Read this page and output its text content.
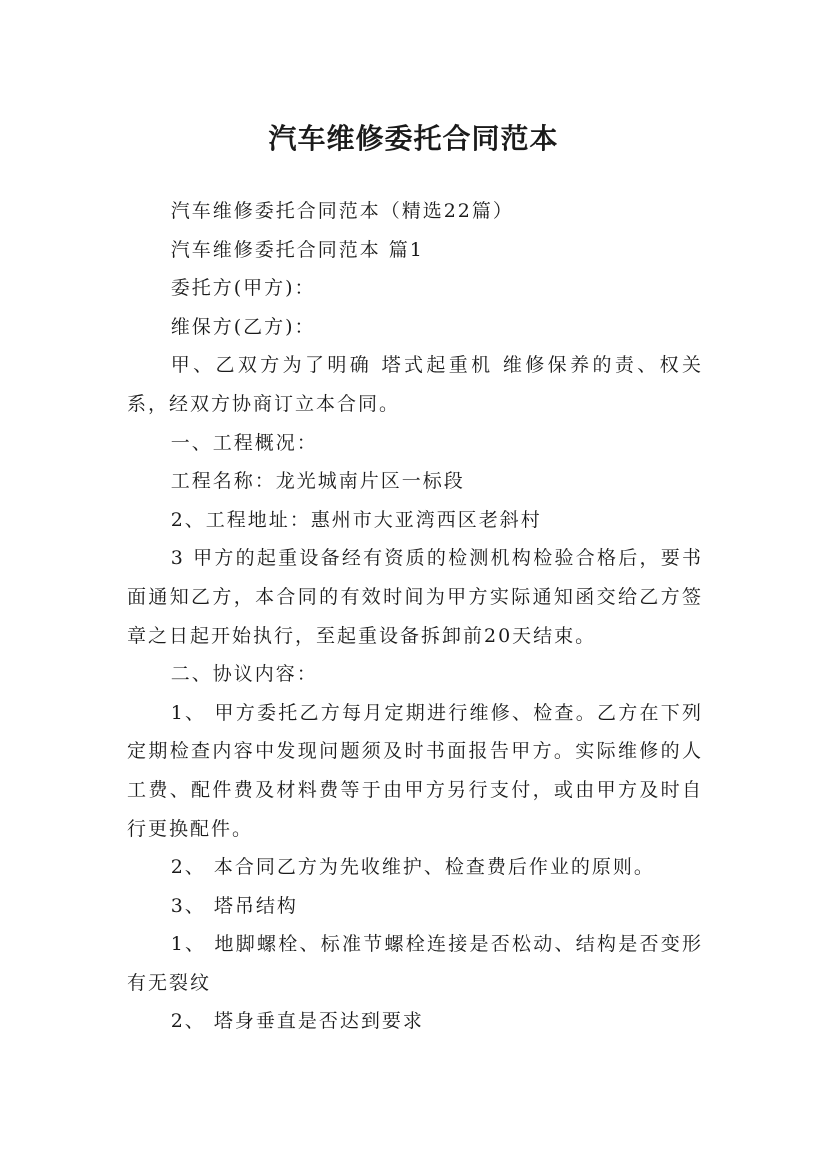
汽车维修委托合同范本

汽车维修委托合同范本（精选22篇）

汽车维修委托合同范本 篇1

委托方(甲方)：

维保方(乙方)：

甲、乙双方为了明确 塔式起重机 维修保养的责、权关系，经双方协商订立本合同。

一、工程概况：

工程名称：龙光城南片区一标段

2、工程地址：惠州市大亚湾西区老斜村

3 甲方的起重设备经有资质的检测机构检验合格后，要书面通知乙方，本合同的有效时间为甲方实际通知函交给乙方签章之日起开始执行，至起重设备拆卸前20天结束。

二、协议内容：

1、 甲方委托乙方每月定期进行维修、检查。乙方在下列定期检查内容中发现问题须及时书面报告甲方。实际维修的人工费、配件费及材料费等于由甲方另行支付，或由甲方及时自行更换配件。

2、 本合同乙方为先收维护、检查费后作业的原则。

3、 塔吊结构

1、 地脚螺栓、标准节螺栓连接是否松动、结构是否变形有无裂纹

2、 塔身垂直是否达到要求
